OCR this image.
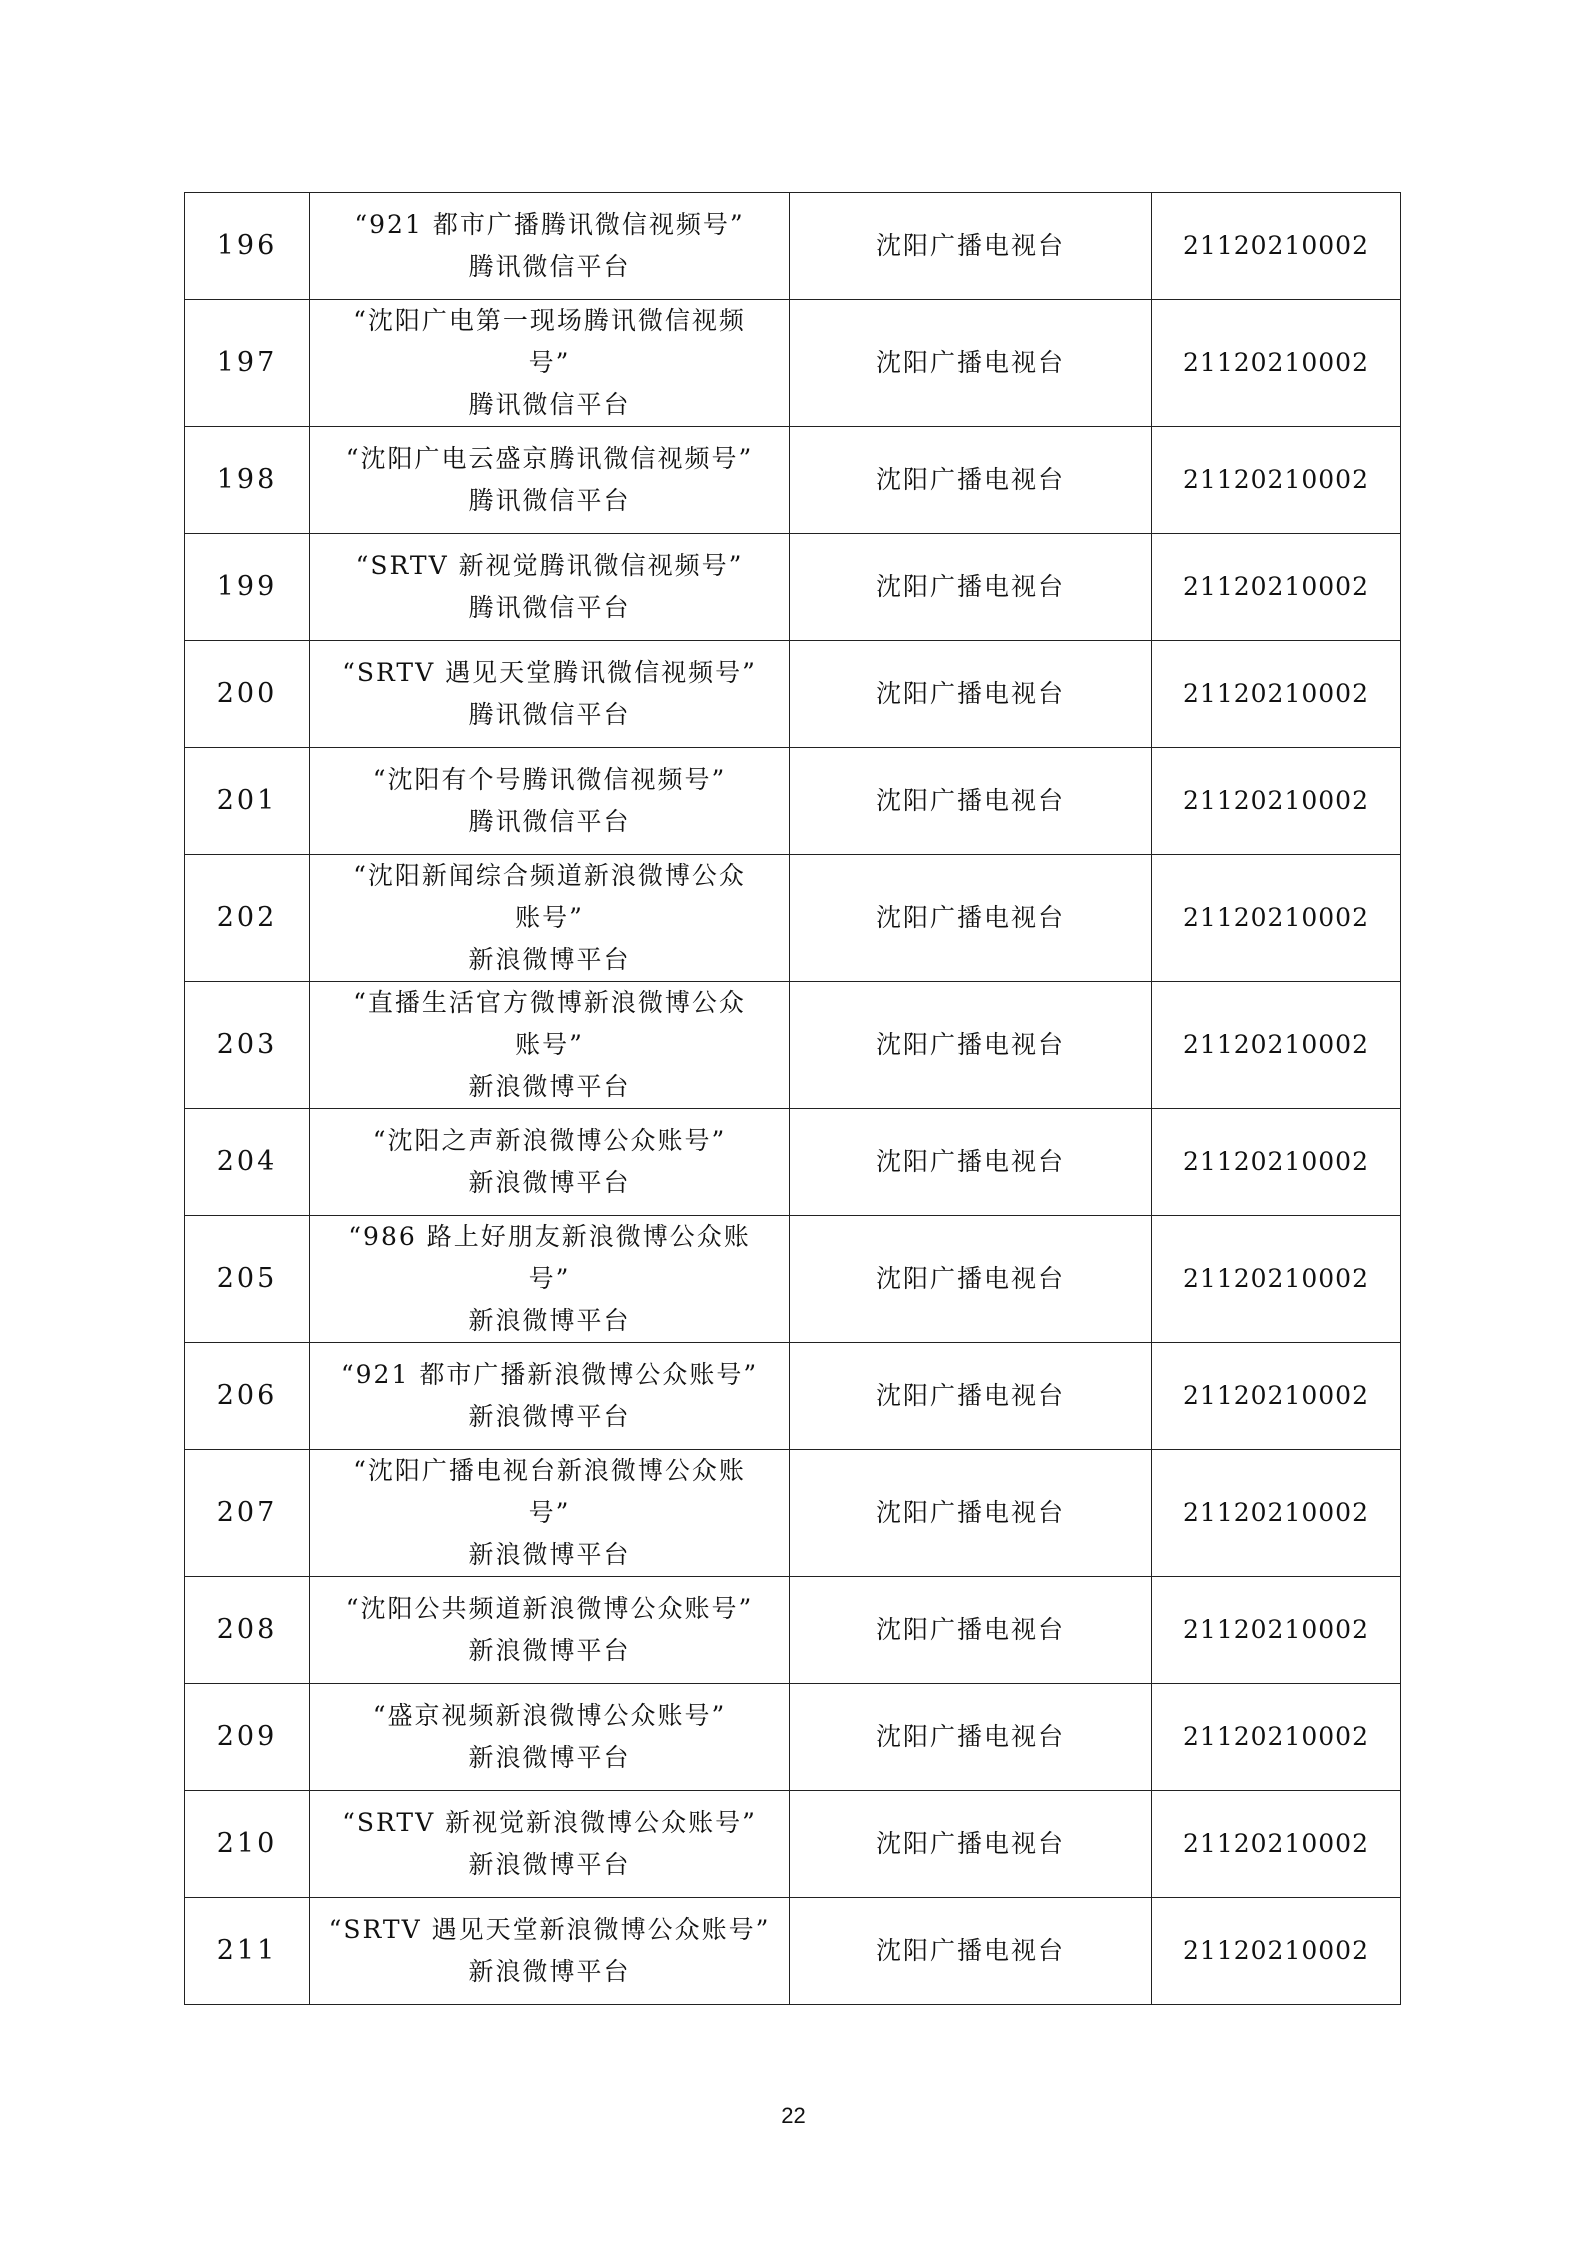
196	“921 都市广播腾讯微信视频号”
腾讯微信平台	沈阳广播电视台	21120210002
197	“沈阳广电第一现场腾讯微信视频
号”
腾讯微信平台	沈阳广播电视台	21120210002
198	“沈阳广电云盛京腾讯微信视频号”
腾讯微信平台	沈阳广播电视台	21120210002
199	“SRTV 新视觉腾讯微信视频号”
腾讯微信平台	沈阳广播电视台	21120210002
200	“SRTV 遇见天堂腾讯微信视频号”
腾讯微信平台	沈阳广播电视台	21120210002
201	“沈阳有个号腾讯微信视频号”
腾讯微信平台	沈阳广播电视台	21120210002
202	“沈阳新闻综合频道新浪微博公众
账号”
新浪微博平台	沈阳广播电视台	21120210002
203	“直播生活官方微博新浪微博公众
账号”
新浪微博平台	沈阳广播电视台	21120210002
204	“沈阳之声新浪微博公众账号”
新浪微博平台	沈阳广播电视台	21120210002
205	“986 路上好朋友新浪微博公众账
号”
新浪微博平台	沈阳广播电视台	21120210002
206	“921 都市广播新浪微博公众账号”
新浪微博平台	沈阳广播电视台	21120210002
207	“沈阳广播电视台新浪微博公众账
号”
新浪微博平台	沈阳广播电视台	21120210002
208	“沈阳公共频道新浪微博公众账号”
新浪微博平台	沈阳广播电视台	21120210002
209	“盛京视频新浪微博公众账号”
新浪微博平台	沈阳广播电视台	21120210002
210	“SRTV 新视觉新浪微博公众账号”
新浪微博平台	沈阳广播电视台	21120210002
211	“SRTV 遇见天堂新浪微博公众账号”
新浪微博平台	沈阳广播电视台	21120210002
22
